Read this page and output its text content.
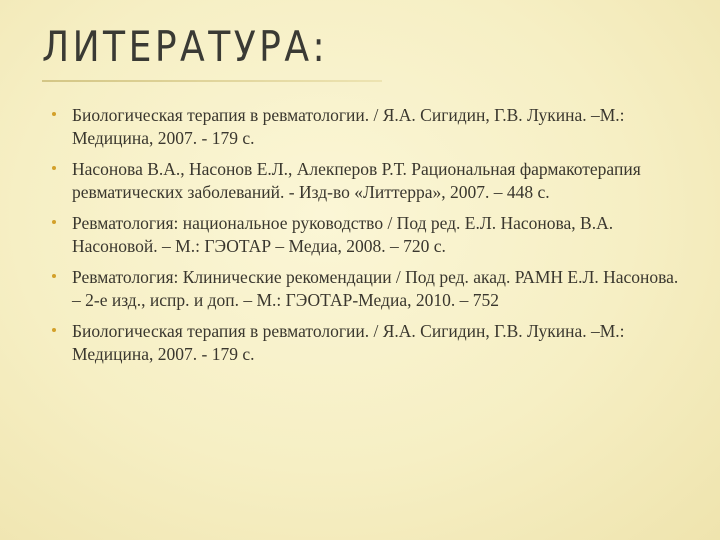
ЛИТЕРАТУРА:
Биологическая терапия в ревматологии. / Я.А. Сигидин, Г.В. Лукина. –М.: Медицина, 2007. - 179 с.
Насонова В.А., Насонов Е.Л., Алекперов Р.Т. Рациональная фармакотерапия ревматических заболеваний. - Изд-во «Литтерра», 2007. – 448 с.
Ревматология: национальное руководство / Под ред. Е.Л. Насонова, В.А. Насоновой. – М.: ГЭОТАР – Медиа, 2008. – 720 с.
Ревматология: Клинические рекомендации / Под ред. акад. РАМН Е.Л. Насонова. – 2-е изд., испр. и доп. – М.: ГЭОТАР-Медиа, 2010. – 752
Биологическая терапия в ревматологии. / Я.А. Сигидин, Г.В. Лукина. –М.: Медицина, 2007. - 179 с.
